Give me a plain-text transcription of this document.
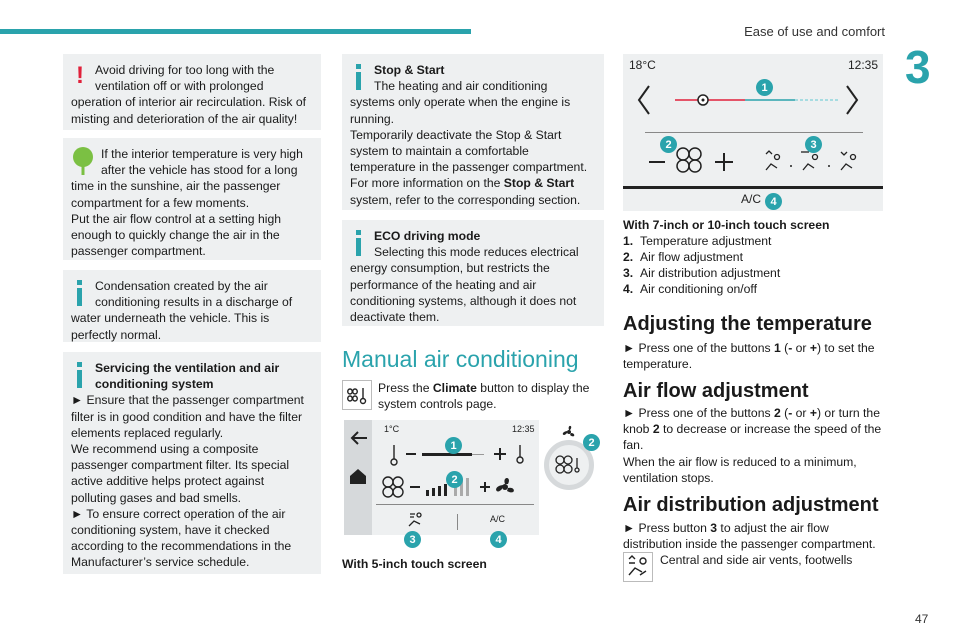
Ease of use and comfort
3
47
! Avoid driving for too long with the ventilation off or with prolonged operation of interior air recirculation. Risk of misting and deterioration of the air quality!

If the interior temperature is very high after the vehicle has stood for a long time in the sunshine, air the passenger compartment for a few moments.

Put the air flow control at a setting high enough to quickly change the air in the passenger compartment.

Condensation created by the air conditioning results in a discharge of water underneath the vehicle. This is perfectly normal.

Servicing the ventilation and air conditioning system

► Ensure that the passenger compartment filter is in good condition and have the filter elements replaced regularly.

We recommend using a composite passenger compartment filter. Its special active additive helps protect against polluting gases and bad smells.

► To ensure correct operation of the air conditioning system, have it checked according to the recommendations in the Manufacturer’s service schedule.

Stop & Start

The heating and air conditioning systems only operate when the engine is running.

Temporarily deactivate the Stop & Start system to maintain a comfortable temperature in the passenger compartment.

For more information on the Stop & Start system, refer to the corresponding section.

ECO driving mode

Selecting this mode reduces electrical energy consumption, but restricts the performance of the heating and air conditioning systems, although it does not deactivate them.

Manual air conditioning
Press the Climate button to display the system controls page.
1°C	12:35
A/C
1
2
3	4
2
With 5-inch touch screen
18°C	12:35
A/C
1
2	3
4
With 7-inch or 10-inch touch screen
1. Temperature adjustment
2. Air flow adjustment
3. Air distribution adjustment
4. Air conditioning on/off
Adjusting the temperature
► Press one of the buttons 1 (- or +) to set the temperature.
Air flow adjustment
► Press one of the buttons 2 (- or +) or turn the knob 2 to decrease or increase the speed of the fan.
When the air flow is reduced to a minimum, ventilation stops.
Air distribution adjustment
► Press button 3 to adjust the air flow distribution inside the passenger compartment.
Central and side air vents, footwells
